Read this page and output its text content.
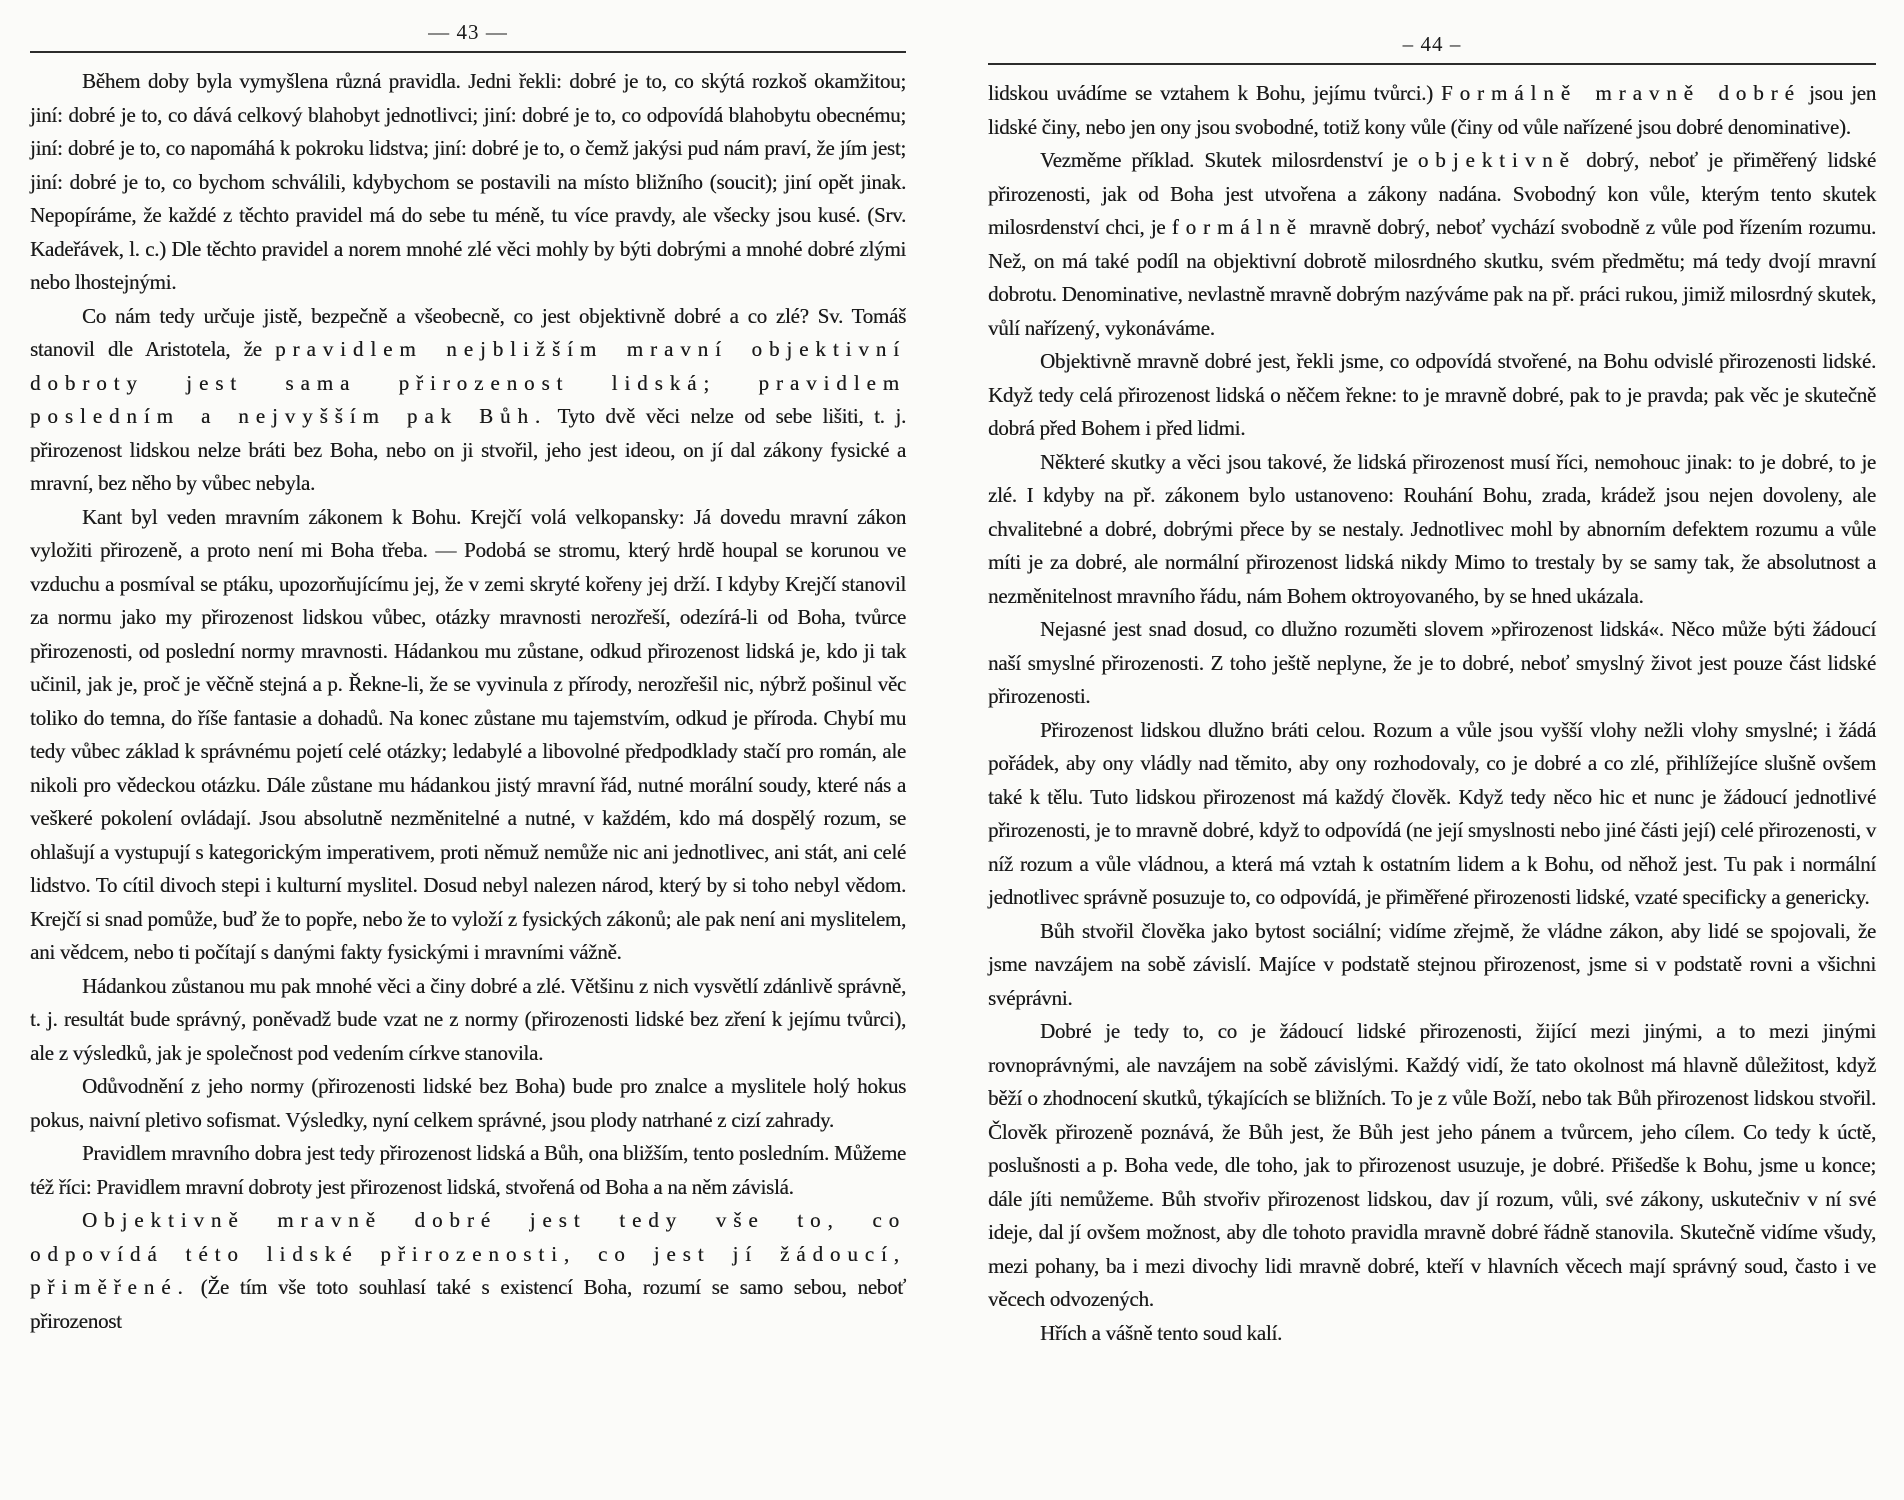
— 43 —

Během doby byla vymyšlena různá pravidla. Jedni řekli: dobré je to, co skýtá rozkoš okamžitou; jiní: dobré je to, co dává celkový blahobyt jednotlivci; jiní: dobré je to, co odpovídá blahobytu obecnému; jiní: dobré je to, co napomáhá k pokroku lidstva; jiní: dobré je to, o čemž jakýsi pud nám praví, že jím jest; jiní: dobré je to, co bychom schválili, kdybychom se postavili na místo bližního (soucit); jiní opět jinak. Nepopíráme, že každé z těchto pravidel má do sebe tu méně, tu více pravdy, ale všecky jsou kusé. (Srv. Kadeřávek, l. c.) Dle těchto pravidel a norem mnohé zlé věci mohly by býti dobrými a mnohé dobré zlými nebo lhostejnými.

Co nám tedy určuje jistě, bezpečně a všeobecně, co jest objektivně dobré a co zlé? Sv. Tomáš stanovil dle Aristotela, že pravidlem nejbližším mravní objektivní dobroty jest sama přirozenost lidská; pravidlem posledním a nejvyšším pak Bůh. Tyto dvě věci nelze od sebe lišiti, t. j. přirozenost lidskou nelze bráti bez Boha, nebo on ji stvořil, jeho jest ideou, on jí dal zákony fysické a mravní, bez něho by vůbec nebyla.

Kant byl veden mravním zákonem k Bohu. Krejčí volá velkopansky: Já dovedu mravní zákon vyložiti přirozeně, a proto není mi Boha třeba. — Podobá se stromu, který hrdě houpal se korunou ve vzduchu a posmíval se ptáku, upozorňujícímu jej, že v zemi skryté kořeny jej drží. I kdyby Krejčí stanovil za normu jako my přirozenost lidskou vůbec, otázky mravnosti nerozřeší, odezírá-li od Boha, tvůrce přirozenosti, od poslední normy mravnosti. Hádankou mu zůstane, odkud přirozenost lidská je, kdo ji tak učinil, jak je, proč je věčně stejná a p. Řekne-li, že se vyvinula z přírody, nerozřešil nic, nýbrž pošinul věc toliko do temna, do říše fantasie a dohadů. Na konec zůstane mu tajemstvím, odkud je příroda. Chybí mu tedy vůbec základ k správnému pojetí celé otázky; ledabylé a libovolné předpodklady stačí pro román, ale nikoli pro vědeckou otázku. Dále zůstane mu hádankou jistý mravní řád, nutné morální soudy, které nás a veškeré pokolení ovládají. Jsou absolutně nezměnitelné a nutné, v každém, kdo má dospělý rozum, se ohlašují a vystupují s kategorickým imperativem, proti němuž nemůže nic ani jednotlivec, ani stát, ani celé lidstvo. To cítil divoch stepi i kulturní myslitel. Dosud nebyl nalezen národ, který by si toho nebyl vědom. Krejčí si snad pomůže, buď že to popře, nebo že to vyloží z fysických zákonů; ale pak není ani myslitelem, ani vědcem, nebo ti počítají s danými fakty fysickými i mravními vážně.

Hádankou zůstanou mu pak mnohé věci a činy dobré a zlé. Většinu z nich vysvětlí zdánlivě správně, t. j. resultát bude správný, poněvadž bude vzat ne z normy (přirozenosti lidské bez zření k jejímu tvůrci), ale z výsledků, jak je společnost pod vedením církve stanovila.

Odůvodnění z jeho normy (přirozenosti lidské bez Boha) bude pro znalce a myslitele holý hokus pokus, naivní pletivo sofismat. Výsledky, nyní celkem správné, jsou plody natrhané z cizí zahrady.

Pravidlem mravního dobra jest tedy přirozenost lidská a Bůh, ona bližším, tento posledním. Můžeme též říci: Pravidlem mravní dobroty jest přirozenost lidská, stvořená od Boha a na něm závislá.

Objektivně mravně dobré jest tedy vše to, co odpovídá této lidské přirozenosti, co jest jí žádoucí, přiměřené. (Že tím vše toto souhlasí také s existencí Boha, rozumí se samo sebou, neboť přirozenost

– 44 –

lidskou uvádíme se vztahem k Bohu, jejímu tvůrci.) Formálně mravně dobré jsou jen lidské činy, nebo jen ony jsou svobodné, totiž kony vůle (činy od vůle nařízené jsou dobré denominative).

Vezměme příklad. Skutek milosrdenství je objektivně dobrý, neboť je přiměřený lidské přirozenosti, jak od Boha jest utvořena a zákony nadána. Svobodný kon vůle, kterým tento skutek milosrdenství chci, je formálně mravně dobrý, neboť vychází svobodně z vůle pod řízením rozumu. Než, on má také podíl na objektivní dobrotě milosrdného skutku, svém předmětu; má tedy dvojí mravní dobrotu. Denominative, nevlastně mravně dobrým nazýváme pak na př. práci rukou, jimiž milosrdný skutek, vůlí nařízený, vykonáváme.

Objektivně mravně dobré jest, řekli jsme, co odpovídá stvořené, na Bohu odvislé přirozenosti lidské. Když tedy celá přirozenost lidská o něčem řekne: to je mravně dobré, pak to je pravda; pak věc je skutečně dobrá před Bohem i před lidmi.

Některé skutky a věci jsou takové, že lidská přirozenost musí říci, nemohouc jinak: to je dobré, to je zlé. I kdyby na př. zákonem bylo ustanoveno: Rouhání Bohu, zrada, krádež jsou nejen dovoleny, ale chvalitebné a dobré, dobrými přece by se nestaly. Jednotlivec mohl by abnorním defektem rozumu a vůle míti je za dobré, ale normální přirozenost lidská nikdy Mimo to trestaly by se samy tak, že absolutnost a nezměnitelnost mravního řádu, nám Bohem oktroyovaného, by se hned ukázala.

Nejasné jest snad dosud, co dlužno rozuměti slovem »přirozenost lidská«. Něco může býti žádoucí naší smyslné přirozenosti. Z toho ještě neplyne, že je to dobré, neboť smyslný život jest pouze část lidské přirozenosti.

Přirozenost lidskou dlužno bráti celou. Rozum a vůle jsou vyšší vlohy nežli vlohy smyslné; i žádá pořádek, aby ony vládly nad těmito, aby ony rozhodovaly, co je dobré a co zlé, přihlížejíce slušně ovšem také k tělu. Tuto lidskou přirozenost má každý člověk. Když tedy něco hic et nunc je žádoucí jednotlivé přirozenosti, je to mravně dobré, když to odpovídá (ne její smyslnosti nebo jiné části její) celé přirozenosti, v níž rozum a vůle vládnou, a která má vztah k ostatním lidem a k Bohu, od něhož jest. Tu pak i normální jednotlivec správně posuzuje to, co odpovídá, je přiměřené přirozenosti lidské, vzaté specificky a genericky.

Bůh stvořil člověka jako bytost sociální; vidíme zřejmě, že vládne zákon, aby lidé se spojovali, že jsme navzájem na sobě závislí. Majíce v podstatě stejnou přirozenost, jsme si v podstatě rovni a všichni svéprávni.

Dobré je tedy to, co je žádoucí lidské přirozenosti, žijící mezi jinými, a to mezi jinými rovnoprávnými, ale navzájem na sobě závislými. Každý vidí, že tato okolnost má hlavně důležitost, když běží o zhodnocení skutků, týkajících se bližních. To je z vůle Boží, nebo tak Bůh přirozenost lidskou stvořil. Člověk přirozeně poznává, že Bůh jest, že Bůh jest jeho pánem a tvůrcem, jeho cílem. Co tedy k úctě, poslušnosti a p. Boha vede, dle toho, jak to přirozenost usuzuje, je dobré. Přišedše k Bohu, jsme u konce; dále jíti nemůžeme. Bůh stvořiv přirozenost lidskou, dav jí rozum, vůli, své zákony, uskutečniv v ní své ideje, dal jí ovšem možnost, aby dle tohoto pravidla mravně dobré řádně stanovila. Skutečně vidíme všudy, mezi pohany, ba i mezi divochy lidi mravně dobré, kteří v hlavních věcech mají správný soud, často i ve věcech odvozených.

Hřích a vášně tento soud kalí.
